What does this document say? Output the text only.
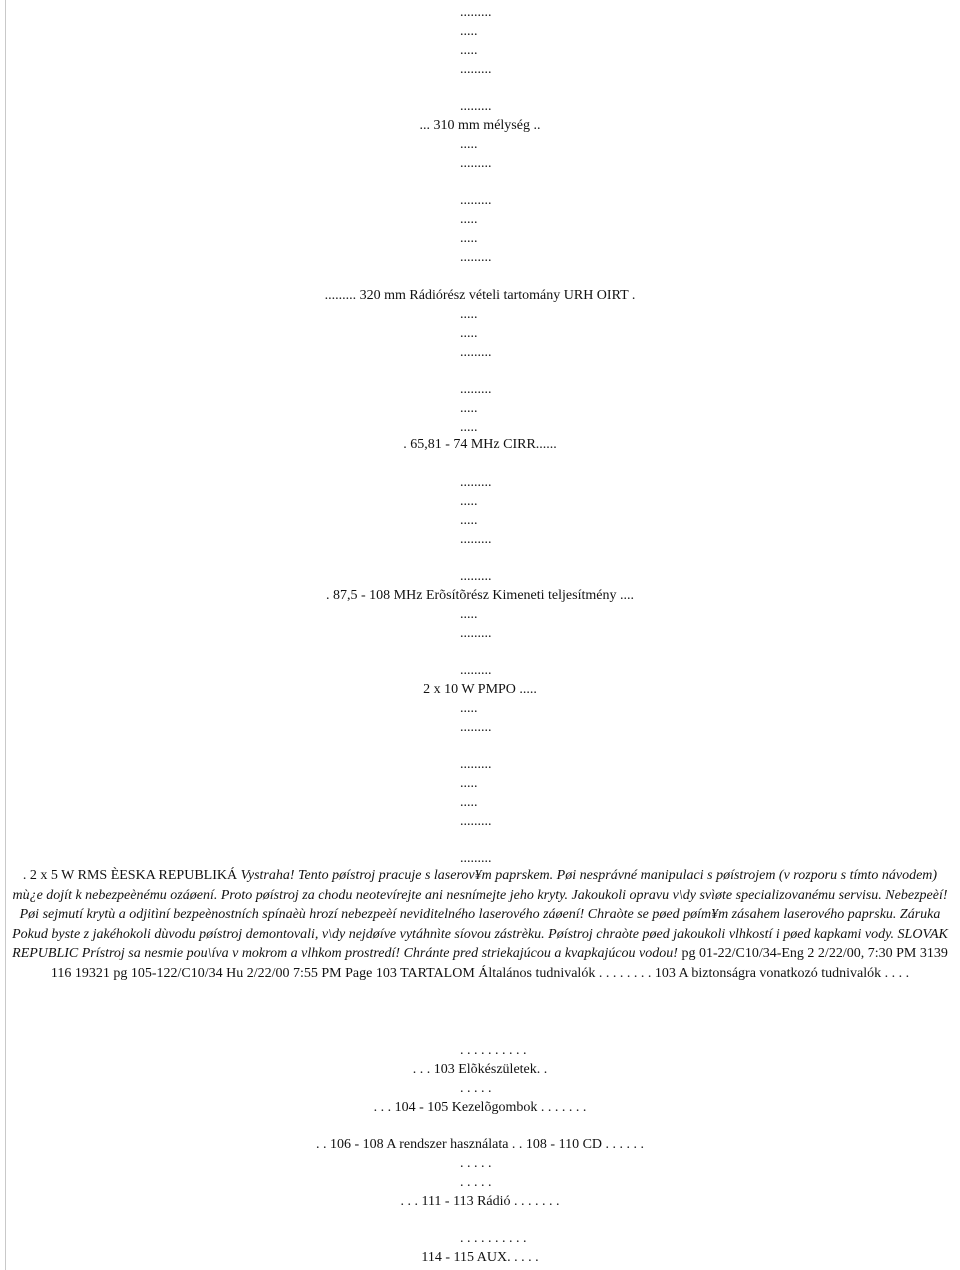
.........
.....
.....
.........
.........
... 310 mm mélység ..
.....
.........
.........
.....
.....
.........
......... 320 mm Rádiórész vételi tartomány URH OIRT .
.....
.....
.........
.........
.....
.....
. 65,81 - 74 MHz CIRR......
.........
.....
.....
.........
.........
. 87,5 - 108 MHz Erõsítõrész Kimeneti teljesítmény ....
.....
.........
.........
2 x 10 W PMPO .....
.....
.........
.........
.....
.....
.........
.........
. 2 x 5 W RMS ÈESKA REPUBLIKÁ Vystraha! Tento pøístroj pracuje s laserov¥m paprskem. Pøi nesprávné manipulaci s pøístrojem (v rozporu s tímto návodem) mù¿e dojít k nebezpeènému ozáøení. Proto pøístroj za chodu neotevírejte ani nesnímejte jeho kryty. Jakoukoli opravu v\dy svìøte specializovanému servisu. Nebezpeèí! Pøi sejmutí krytù a odjitìní bezpeènostních spínaèù hrozí nebezpeèí neviditelného laserového záøení! Chraòte se pøed pøím¥m zásahem laserového paprsku. Záruka Pokud byste z jakéhokoli dùvodu pøístroj demontovali, v\dy nejdøíve vytáhnìte síovou zástrèku. Pøístroj chraòte pøed jakoukoli vlhkostí i pøed kapkami vody. SLOVAK REPUBLIC Prístroj sa nesmie pou\íva v mokrom a vlhkom prostredí! Chránte pred striekajúcou a kvapkajúcou vodou! pg 01-22/C10/34-Eng 2 2/22/00, 7:30 PM 3139 116 19321 pg 105-122/C10/34 Hu 2/22/00 7:55 PM Page 103 TARTALOM Általános tudnivalók . . . . . . . . 103 A biztonságra vonatkozó tudnivalók . . . .
. . . . . . . . . .
. . . 103 Elõkészületek. .
. . . . .
. . . 104 - 105 Kezelõgombok . . . . . . .
. . 106 - 108 A rendszer használata . . 108 - 110 CD . . . . . .
. . . . .
. . . . .
. . . 111 - 113 Rádió . . . . . . .
. . . . . . . . . .
114 - 115 AUX. . . . .
